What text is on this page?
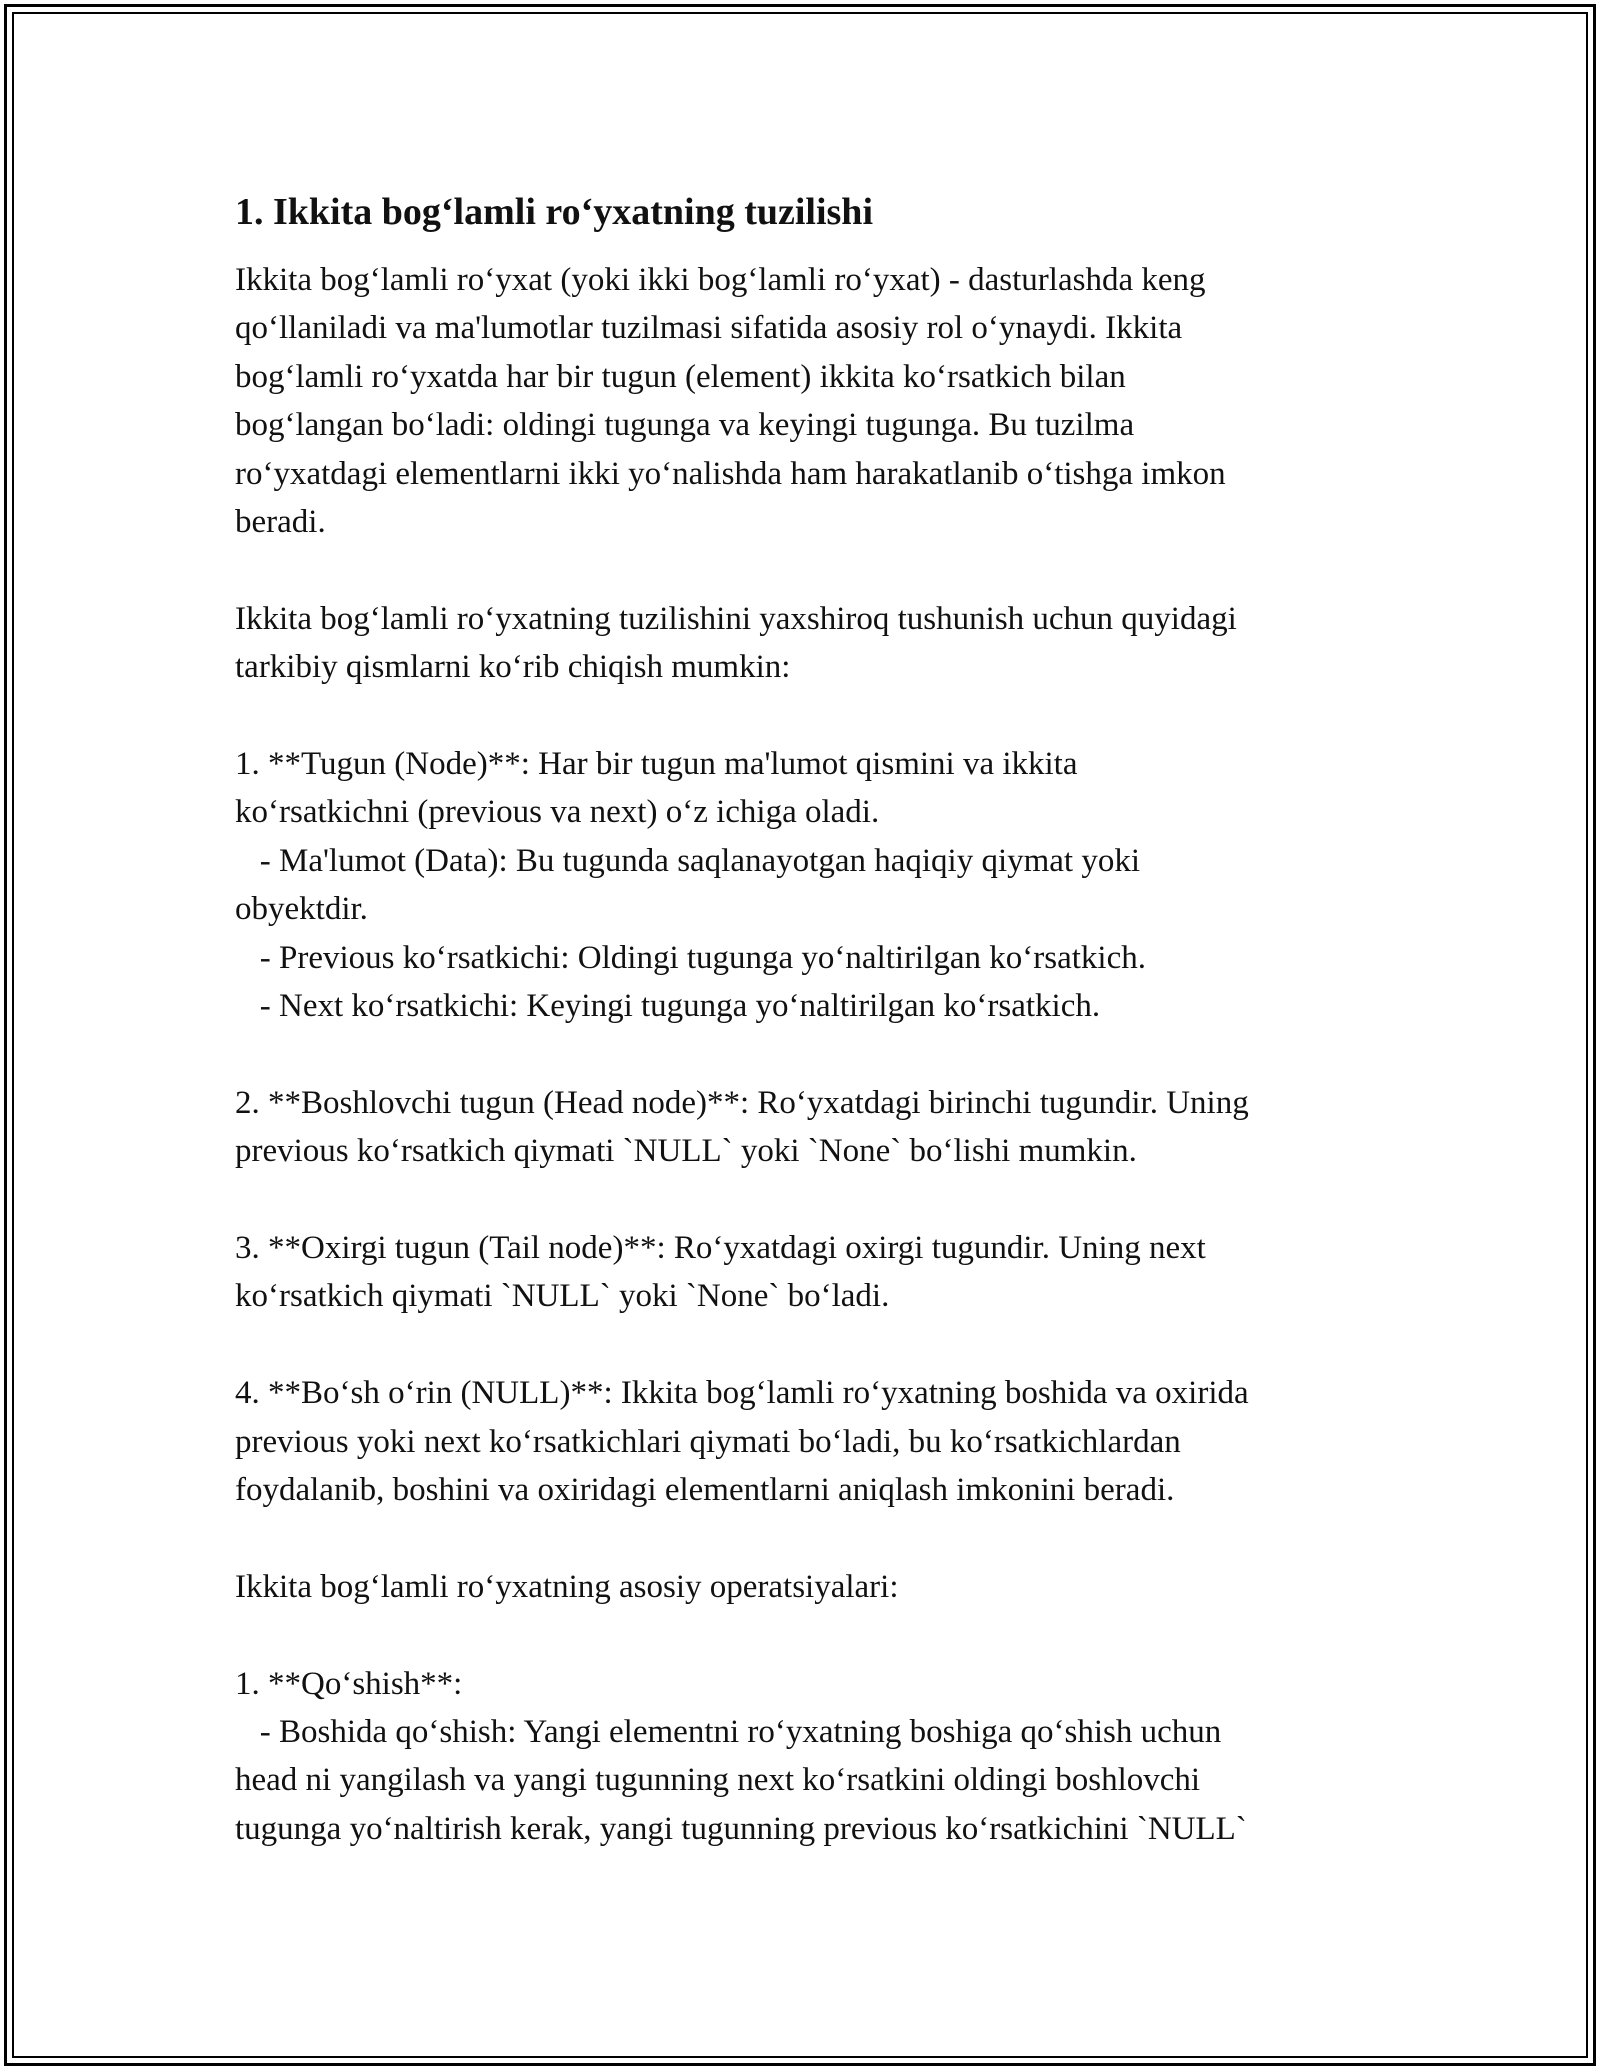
1. Ikkita bog‘lamli ro‘yxatning tuzilishi
Ikkita bog‘lamli ro‘yxat (yoki ikki bog‘lamli ro‘yxat) - dasturlashda keng
qo‘llaniladi va ma'lumotlar tuzilmasi sifatida asosiy rol o‘ynaydi. Ikkita
bog‘lamli ro‘yxatda har bir tugun (element) ikkita ko‘rsatkich bilan
bog‘langan bo‘ladi: oldingi tugunga va keyingi tugunga. Bu tuzilma
ro‘yxatdagi elementlarni ikki yo‘nalishda ham harakatlanib o‘tishga imkon
beradi.
Ikkita bog‘lamli ro‘yxatning tuzilishini yaxshiroq tushunish uchun quyidagi
tarkibiy qismlarni ko‘rib chiqish mumkin:
1. **Tugun (Node)**: Har bir tugun ma'lumot qismini va ikkita
ko‘rsatkichni (previous va next) o‘z ichiga oladi.
- Ma'lumot (Data): Bu tugunda saqlanayotgan haqiqiy qiymat yoki
obyektdir.
- Previous ko‘rsatkichi: Oldingi tugunga yo‘naltirilgan ko‘rsatkich.
- Next ko‘rsatkichi: Keyingi tugunga yo‘naltirilgan ko‘rsatkich.
2. **Boshlovchi tugun (Head node)**: Ro‘yxatdagi birinchi tugundir. Uning
previous ko‘rsatkich qiymati `NULL` yoki `None` bo‘lishi mumkin.
3. **Oxirgi tugun (Tail node)**: Ro‘yxatdagi oxirgi tugundir. Uning next
ko‘rsatkich qiymati `NULL` yoki `None` bo‘ladi.
4. **Bo‘sh o‘rin (NULL)**: Ikkita bog‘lamli ro‘yxatning boshida va oxirida
previous yoki next ko‘rsatkichlari qiymati bo‘ladi, bu ko‘rsatkichlardan
foydalanib, boshini va oxiridagi elementlarni aniqlash imkonini beradi.
Ikkita bog‘lamli ro‘yxatning asosiy operatsiyalari:
1. **Qo‘shish**:
- Boshida qo‘shish: Yangi elementni ro‘yxatning boshiga qo‘shish uchun
head ni yangilash va yangi tugunning next ko‘rsatkini oldingi boshlovchi
tugunga yo‘naltirish kerak, yangi tugunning previous ko‘rsatkichini `NULL`
